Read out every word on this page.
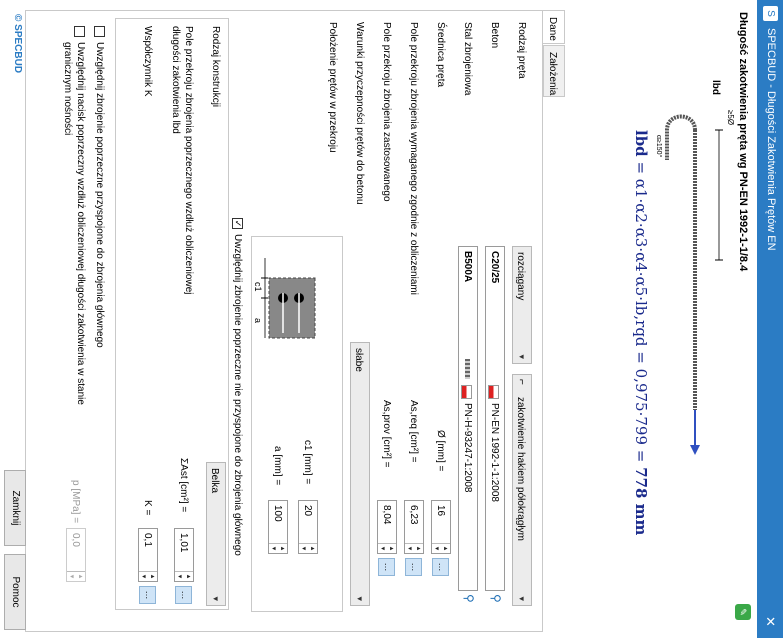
S
SPECBUD - Długości Zakotwienia Prętów EN
✕
Długość zakotwienia pręta wg PN-EN 1992-1-1/8.4
✎
α≥150°
lbd
≥5Ø
lbd = α1·α2·α3·α4·α5·lb,rqd = 0,975·799 = 778 mm
Dane
Założenia
Rodzaj pręta
rozciągany
▾
zakotwienie hakiem półokrągłym
⌐
▾
Beton
C20/25
PN-EN 1992-1-1:2008
⚲
Stal zbrojeniowa
B500A
PN-H-93247-1:2008
⚲
Średnica pręta
Ø [mm] =
16
▴
▾
…
Pole przekroju zbrojenia wymaganego zgodnie z obliczeniami
As,req [cm²] =
6,23
▴
▾
…
Pole przekroju zbrojenia zastosowanego
As,prov [cm²] =
8,04
▴
▾
…
Warunki przyczepności prętów do betonu
słabe
▾
Położenie prętów w przekroju
c1
a
c1 [mm] =
20
▴
▾
a [mm] =
100
▴
▾
✓
Uwzględnij zbrojenie poprzeczne nie przyspojone do zbrojenia głównego
Rodzaj konstrukcji
Belka
▾
Pole przekroju zbrojenia poprzecznego wzdłuż obliczeniowej długości zakotwienia lbd
ΣAst [cm²] =
1,01
▴
▾
…
Współczynnik K
K =
0,1
▴
▾
…
Uwzględnij zbrojenie poprzeczne przyspojone do zbrojenia głównego
Uwzględnij nacisk poprzeczny wzdłuż obliczeniowej długości zakotwienia w stanie granicznym nośności
p [MPa] =
0,0
▴
▾
© SPECBUD
Zamknij
Pomoc
